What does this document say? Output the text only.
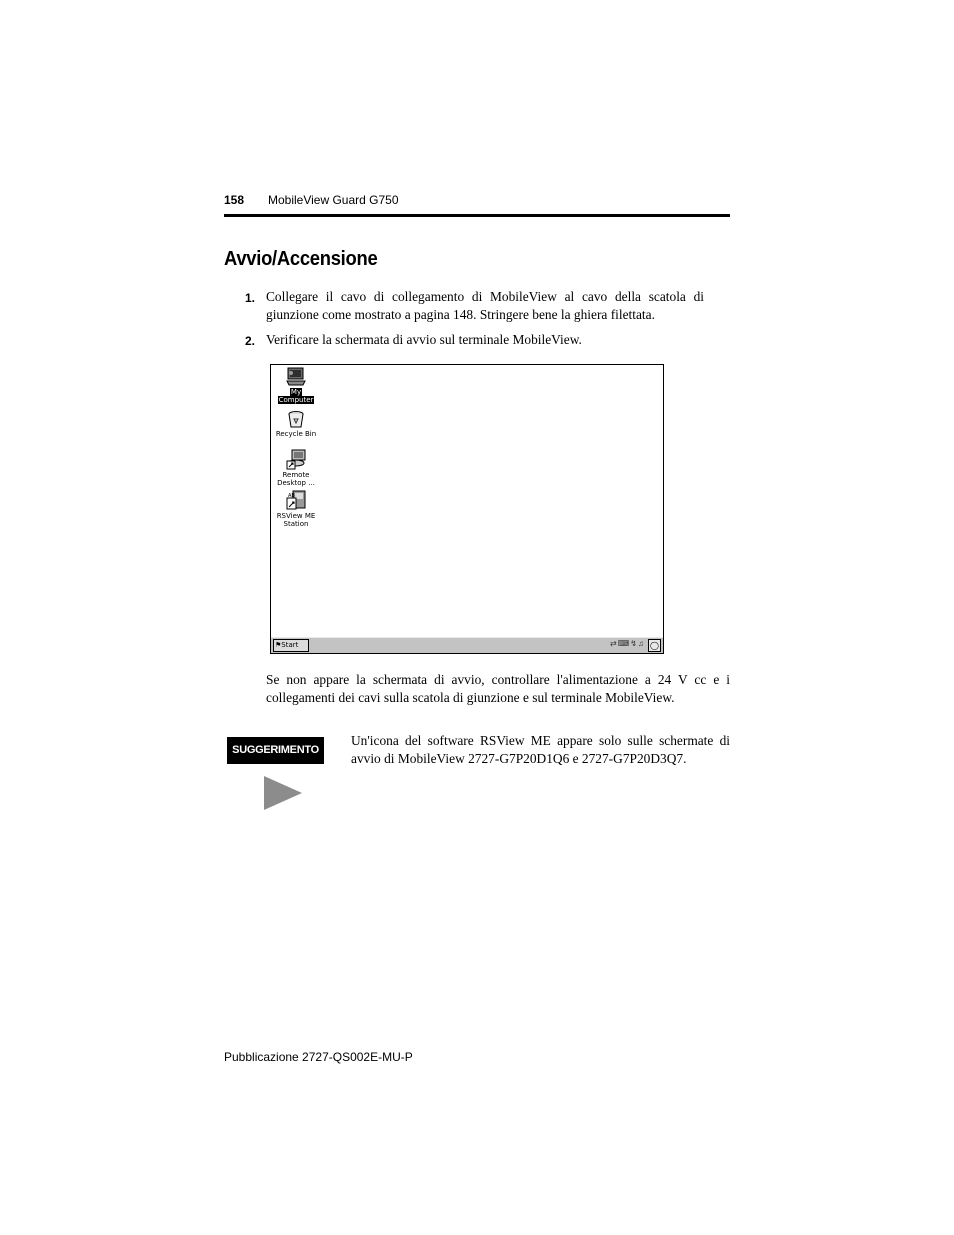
158 MobileView Guard G750
Avvio/Accensione
1. Collegare il cavo di collegamento di MobileView al cavo della scatola di giunzione come mostrato a pagina 148. Stringere bene la ghiera filettata.
2. Verificare la schermata di avvio sul terminale MobileView.
My
Computer
Recycle Bin
Remote
Desktop ...
AB
RSView ME
Station
⚑Start	⇄⌨↯♫ ◯
Se non appare la schermata di avvio, controllare l'alimentazione a 24 V cc e i collegamenti dei cavi sulla scatola di giunzione e sul terminale MobileView.
SUGGERIMENTO
Un'icona del software RSView ME appare solo sulle schermate di avvio di MobileView 2727-G7P20D1Q6 e 2727-G7P20D3Q7.
Pubblicazione 2727-QS002E-MU-P
